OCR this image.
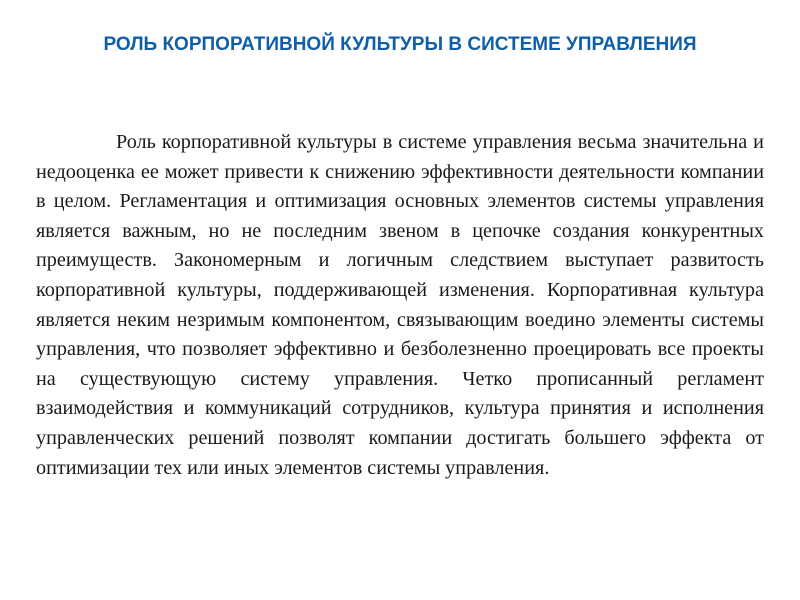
РОЛЬ КОРПОРАТИВНОЙ КУЛЬТУРЫ В СИСТЕМЕ УПРАВЛЕНИЯ

Роль корпоративной культуры в системе управления весьма значительна и недооценка ее может привести к снижению эффективности деятельности компании в целом. Регламентация и оптимизация основных элементов системы управления является важным, но не последним звеном в цепочке создания конкурентных преимуществ. Закономерным и логичным следствием выступает развитость корпоративной культуры, поддерживающей изменения. Корпоративная культура является неким незримым компонентом, связывающим воедино элементы системы управления, что позволяет эффективно и безболезненно проецировать все проекты на существующую систему управления. Четко прописанный регламент взаимодействия и коммуникаций сотрудников, культура принятия и исполнения управленческих решений позволят компании достигать большего эффекта от оптимизации тех или иных элементов системы управления.
